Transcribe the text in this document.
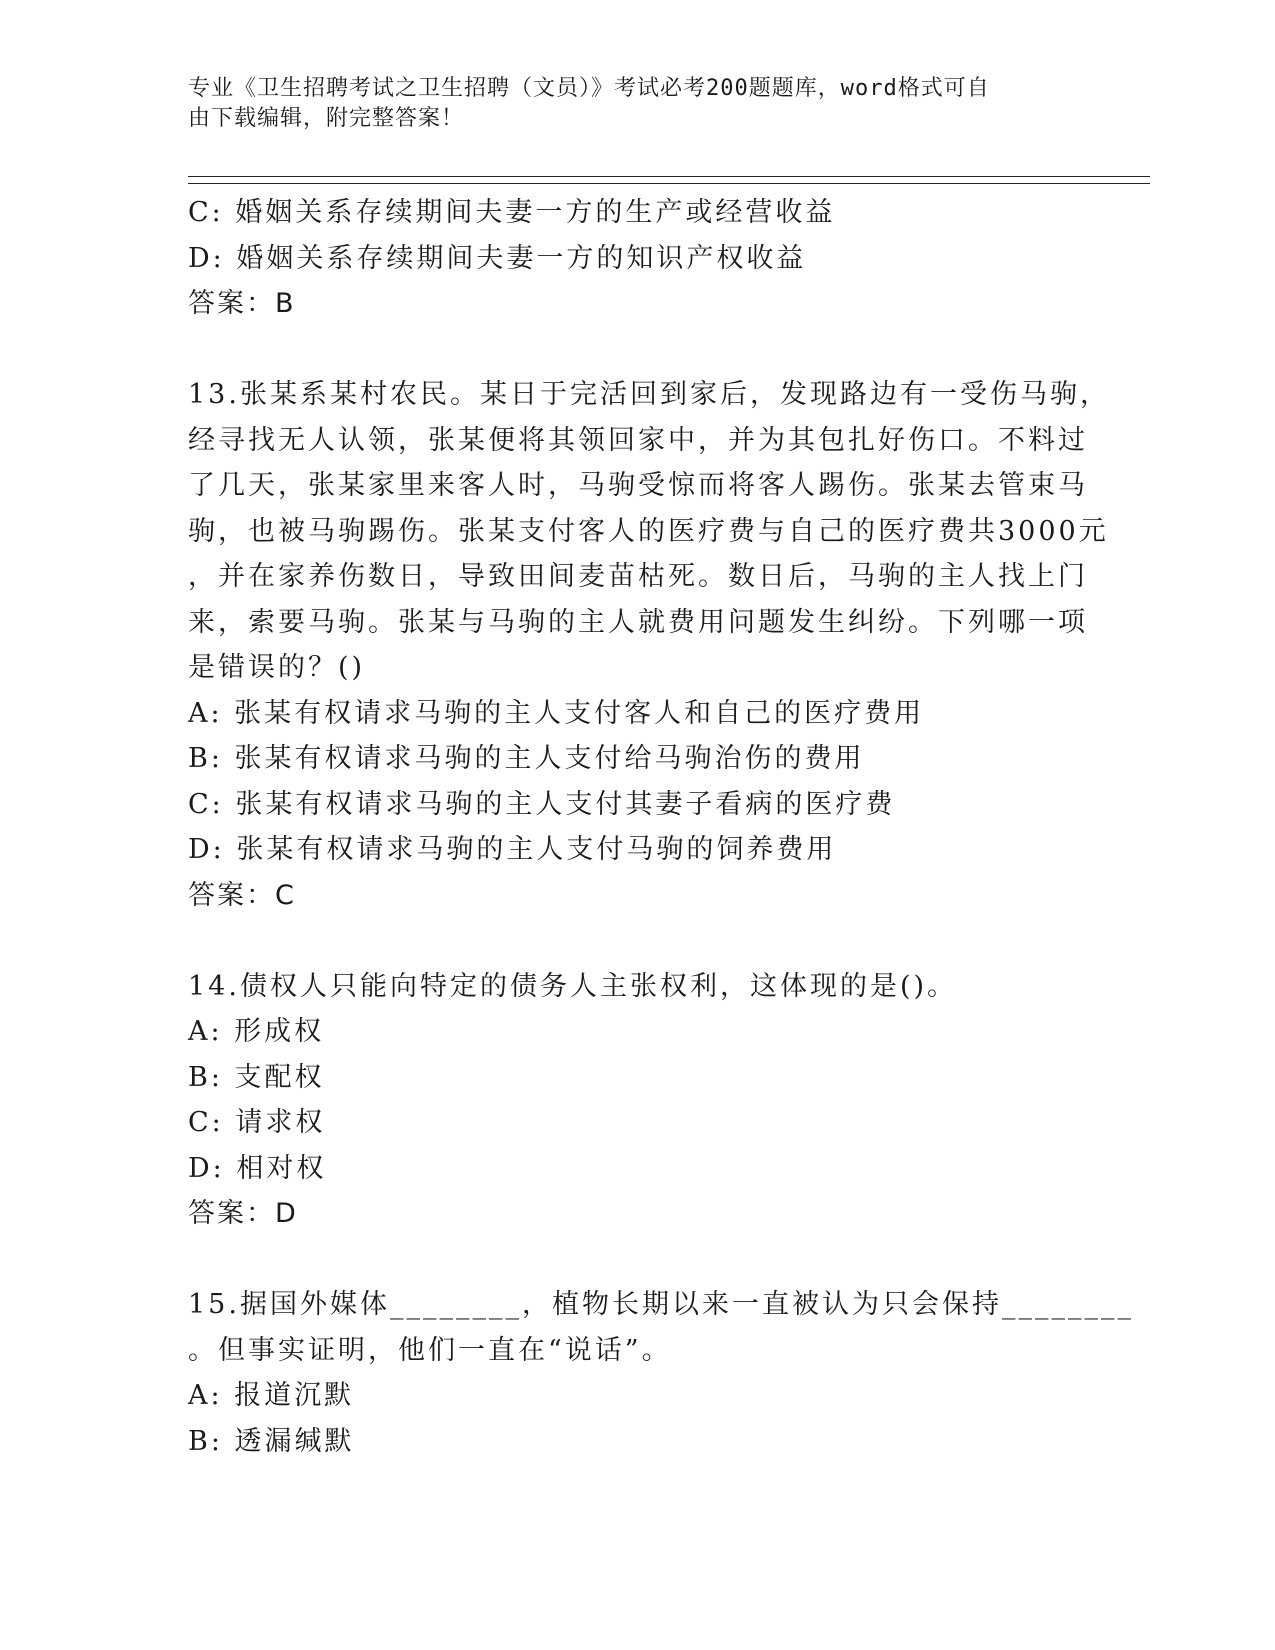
专业《卫生招聘考试之卫生招聘（文员）》考试必考200题题库，word格式可自
由下载编辑，附完整答案！
C: 婚姻关系存续期间夫妻一方的生产或经营收益
D: 婚姻关系存续期间夫妻一方的知识产权收益
答案：B
13.张某系某村农民。某日于完活回到家后，发现路边有一受伤马驹，
经寻找无人认领，张某便将其领回家中，并为其包扎好伤口。不料过
了几天，张某家里来客人时，马驹受惊而将客人踢伤。张某去管束马
驹，也被马驹踢伤。张某支付客人的医疗费与自己的医疗费共3000元
，并在家养伤数日，导致田间麦苗枯死。数日后，马驹的主人找上门
来，索要马驹。张某与马驹的主人就费用问题发生纠纷。下列哪一项
是错误的？()
A: 张某有权请求马驹的主人支付客人和自己的医疗费用
B: 张某有权请求马驹的主人支付给马驹治伤的费用
C: 张某有权请求马驹的主人支付其妻子看病的医疗费
D: 张某有权请求马驹的主人支付马驹的饲养费用
答案：C
14.债权人只能向特定的债务人主张权利，这体现的是()。
A: 形成权
B: 支配权
C: 请求权
D: 相对权
答案：D
15.据国外媒体________，植物长期以来一直被认为只会保持________
。但事实证明，他们一直在“说话”。
A: 报道沉默
B: 透漏缄默
